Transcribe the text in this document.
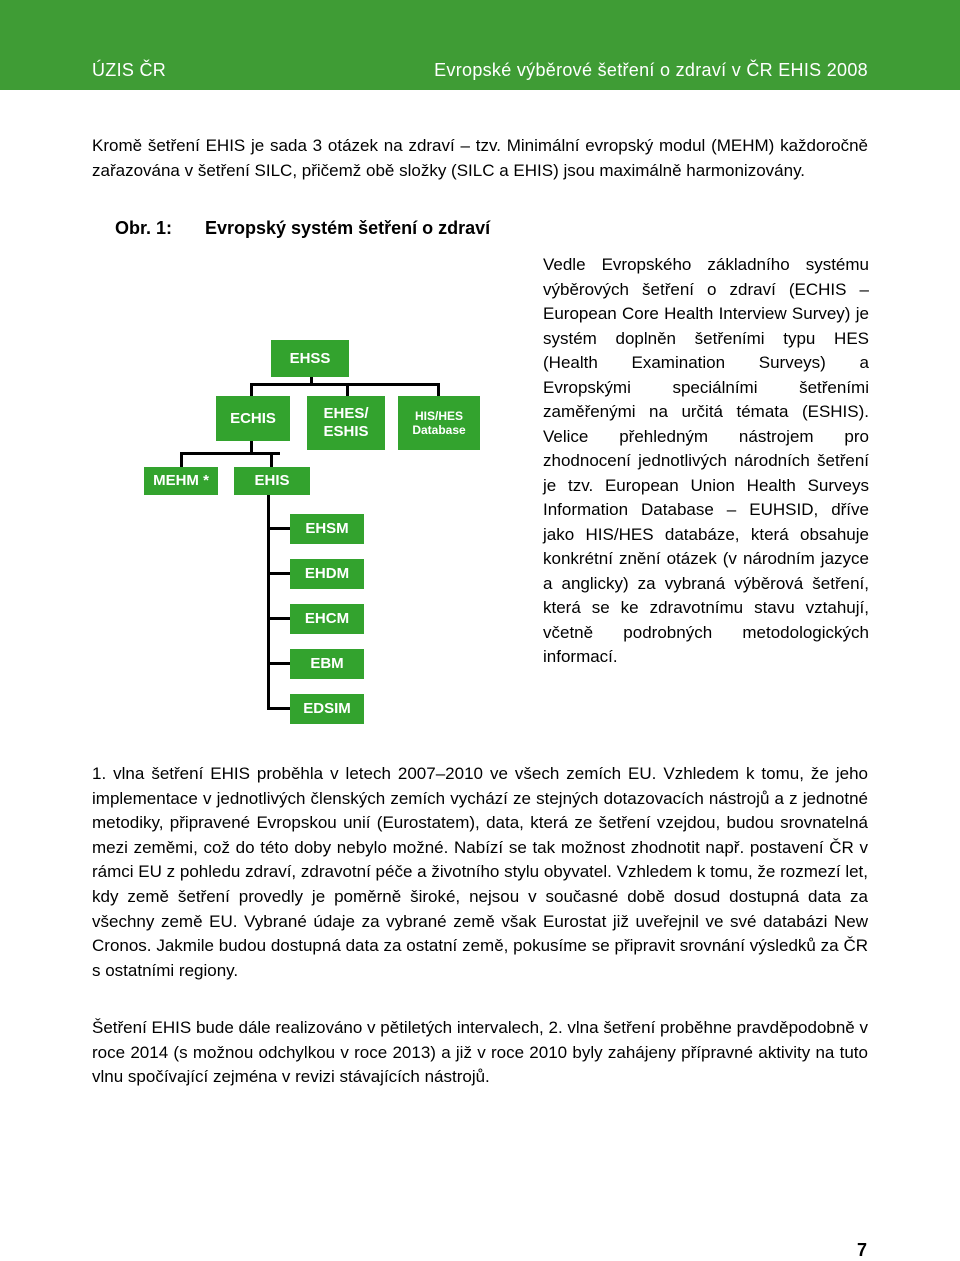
ÚZIS ČR	Evropské výběrové šetření o zdraví v ČR EHIS 2008

Kromě šetření EHIS je sada 3 otázek na zdraví – tzv. Minimální evropský modul (MEHM) každoročně zařazována v šetření SILC, přičemž obě složky (SILC a EHIS) jsou maximálně harmonizovány.

Obr. 1: Evropský systém šetření o zdraví
EHSS
ECHIS	EHES/ ESHIS
HIS/HES Database
MEHM *	EHIS
EHSM
EHDM
EHCM
EBM
EDSIM

Vedle Evropského základního systému výběrových šetření o zdraví (ECHIS – European Core Health Interview Survey) je systém doplněn šetřeními typu HES (Health Examination Surveys) a Evropskými speciálními šetřeními zaměřenými na určitá témata (ESHIS). Velice přehledným nástrojem pro zhodnocení jednotlivých národních šetření je tzv. European Union Health Surveys Information Database – EUHSID, dříve jako HIS/HES databáze, která obsahuje konkrétní znění otázek (v národním jazyce a anglicky) za vybraná výběrová šetření, která se ke zdravotnímu stavu vztahují, včetně podrobných metodologických informací.

1. vlna šetření EHIS proběhla v letech 2007–2010 ve všech zemích EU. Vzhledem k tomu, že jeho implementace v jednotlivých členských zemích vychází ze stejných dotazovacích nástrojů a z jednotné metodiky, připravené Evropskou unií (Eurostatem), data, která ze šetření vzejdou, budou srovnatelná mezi zeměmi, což do této doby nebylo možné. Nabízí se tak možnost zhodnotit např. postavení ČR v rámci EU z pohledu zdraví, zdravotní péče a životního stylu obyvatel. Vzhledem k tomu, že rozmezí let, kdy země šetření provedly je poměrně široké, nejsou v současné době dosud dostupná data za všechny země EU. Vybrané údaje za vybrané země však Eurostat již uveřejnil ve své databázi New Cronos. Jakmile budou dostupná data za ostatní země, pokusíme se připravit srovnání výsledků za ČR s ostatními regiony.

Šetření EHIS bude dále realizováno v pětiletých intervalech, 2. vlna šetření proběhne pravděpodobně v roce 2014 (s možnou odchylkou v roce 2013) a již v roce 2010 byly zahájeny přípravné aktivity na tuto vlnu spočívající zejména v revizi stávajících nástrojů.

7
